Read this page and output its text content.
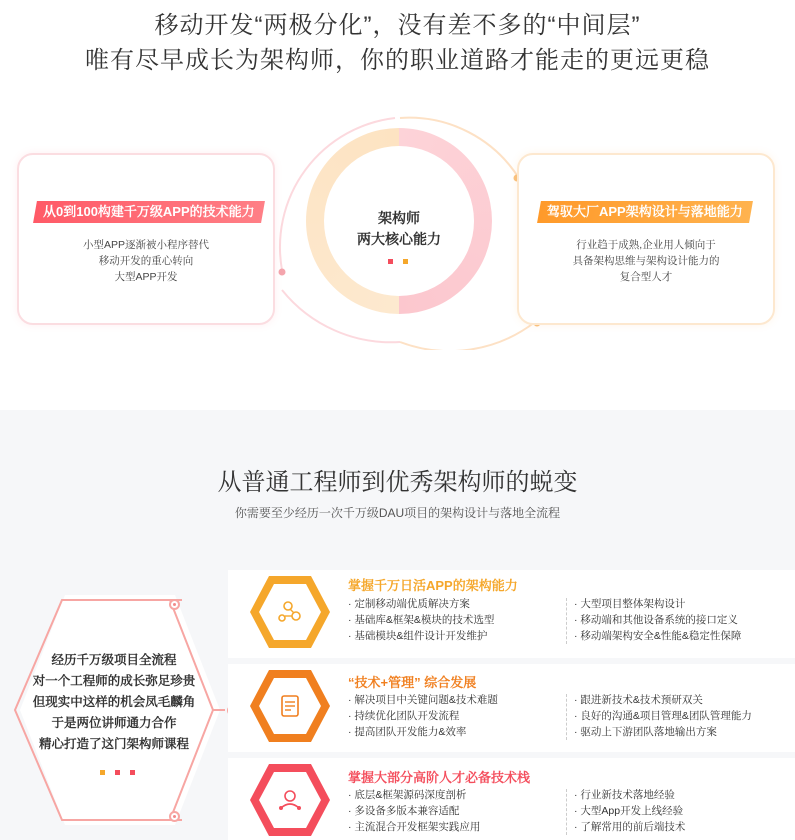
移动开发“两极分化”，没有差不多的“中间层”
唯有尽早成长为架构师，你的职业道路才能走的更远更稳
从0到100构建千万级APP的技术能力
小型APP逐渐被小程序替代
移动开发的重心转向
大型APP开发
驾驭大厂APP架构设计与落地能力
行业趋于成熟,企业用人倾向于
具备架构思维与架构设计能力的
复合型人才
架构师
两大核心能力
从普通工程师到优秀架构师的蜕变
你需要至少经历一次千万级DAU项目的架构设计与落地全流程
经历千万级项目全流程
对一个工程师的成长弥足珍贵
但现实中这样的机会凤毛麟角
于是两位讲师通力合作
精心打造了这门架构师课程
掌握千万日活APP的架构能力
· 定制移动端优质解决方案
· 基础库&框架&模块的技术选型
· 基础模块&组件设计开发维护
· 大型项目整体架构设计
· 移动端和其他设备系统的接口定义
· 移动端架构安全&性能&稳定性保障
“技术+管理” 综合发展
· 解决项目中关键问题&技术难题
· 持续优化团队开发流程
· 提高团队开发能力&效率
· 跟进新技术&技术预研双关
· 良好的沟通&项目管理&团队管理能力
· 驱动上下游团队落地输出方案
掌握大部分高阶人才必备技术栈
· 底层&框架源码深度剖析
· 多设备多版本兼容适配
· 主流混合开发框架实践应用
· 行业新技术落地经验
· 大型App开发上线经验
· 了解常用的前后端技术
